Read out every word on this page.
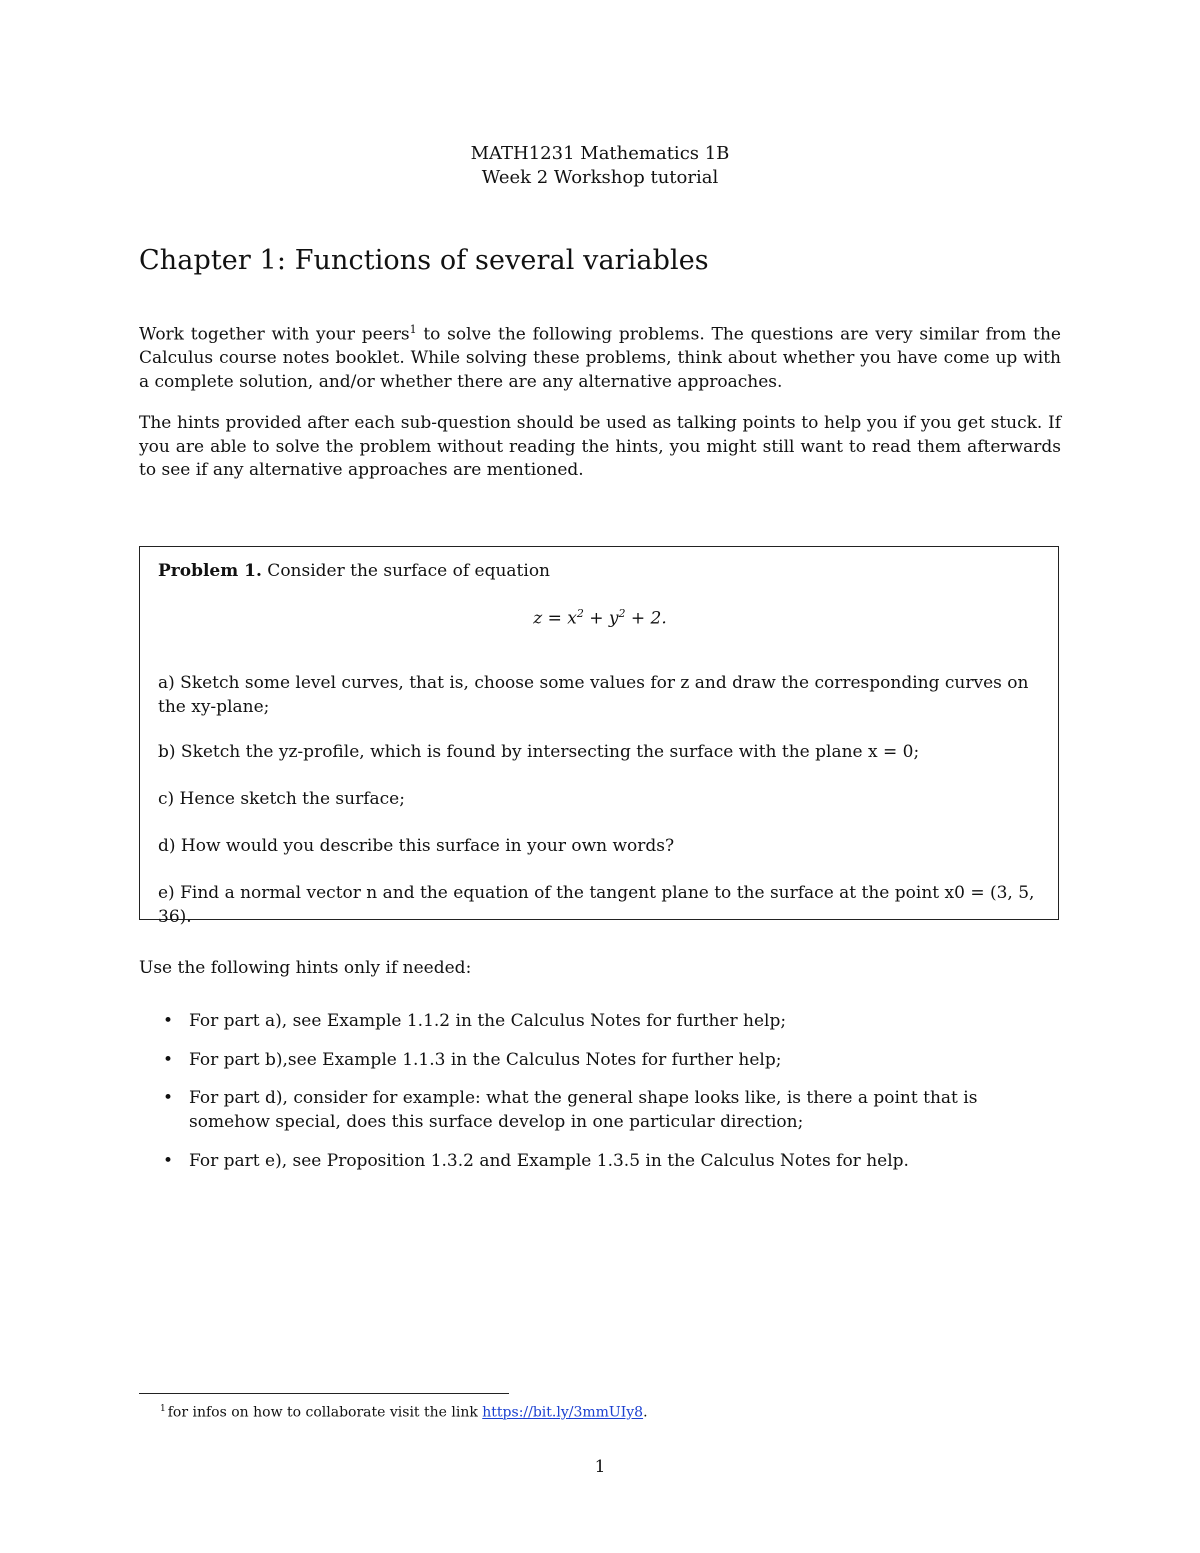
MATH1231 Mathematics 1B
Week 2 Workshop tutorial
Chapter 1: Functions of several variables

Work together with your peers$^1$ to solve the following problems. The questions are very similar from the Calculus course notes booklet. While solving these problems, think about whether you have come up with a complete solution, and/or whether there are any alternative approaches.

The hints provided after each sub-question should be used as talking points to help you if you get stuck. If you are able to solve the problem without reading the hints, you might still want to read them afterwards to see if any alternative approaches are mentioned.

Problem 1. Consider the surface of equation
$z = x^2 + y^2 + 2$.
a) Sketch some level curves, that is, choose some values for z and draw the corresponding curves on the xy-plane;
b) Sketch the yz-profile, which is found by intersecting the surface with the plane x = 0;
c) Hence sketch the surface;
d) How would you describe this surface in your own words?
e) Find a normal vector n and the equation of the tangent plane to the surface at the point x0 = (3, 5, 36).
Use the following hints only if needed:
• For part a), see Example 1.1.2 in the Calculus Notes for further help;
• For part b),see Example 1.1.3 in the Calculus Notes for further help;
• For part d), consider for example: what the general shape looks like, is there a point that is somehow special, does this surface develop in one particular direction;
• For part e), see Proposition 1.3.2 and Example 1.3.5 in the Calculus Notes for help.
$^1$ for infos on how to collaborate visit the link https://bit.ly/3mmUIy8.
1
